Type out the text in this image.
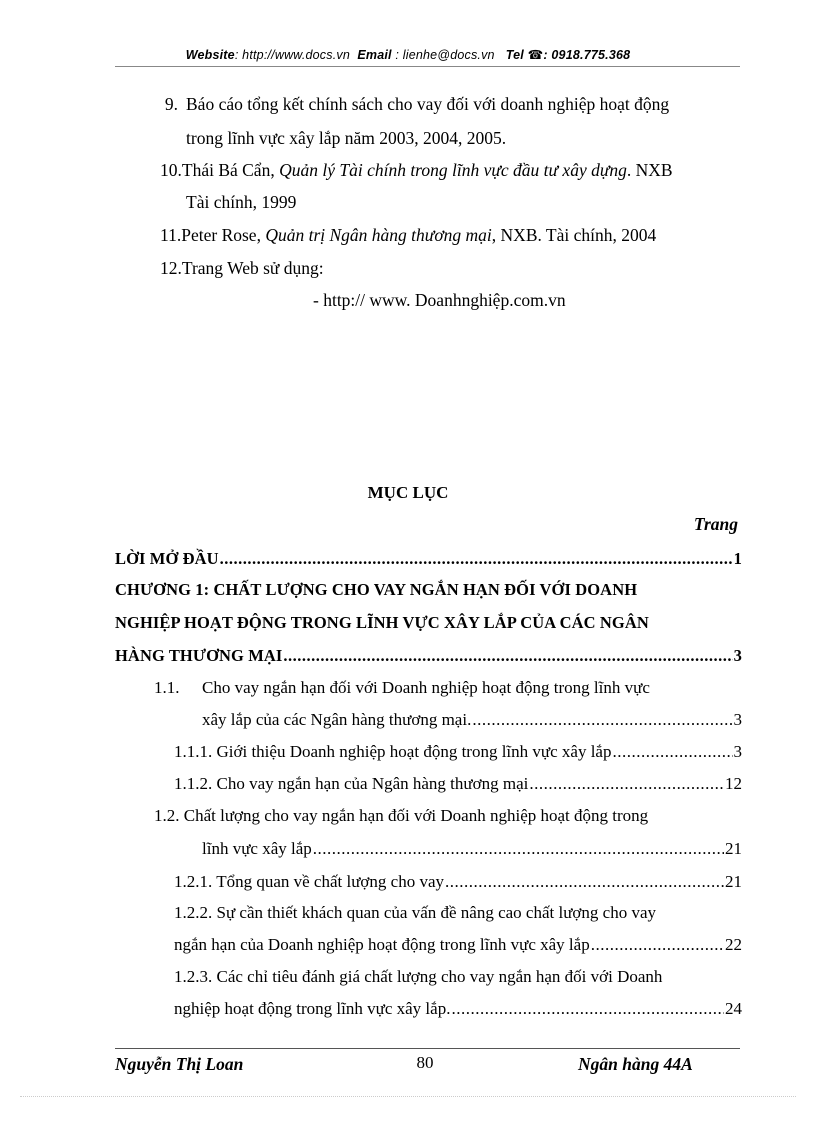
Website: http://www.docs.vn Email : lienhe@docs.vn Tel ☎: 0918.775.368
9. Báo cáo tổng kết chính sách cho vay đối với doanh nghiệp hoạt động
trong lĩnh vực xây lắp năm 2003, 2004, 2005.
10.Thái Bá Cẩn, Quản lý Tài chính trong lĩnh vực đầu tư xây dựng. NXB
Tài chính, 1999
11.Peter Rose, Quản trị Ngân hàng thương mại, NXB. Tài chính, 2004
12.Trang Web sử dụng:
- http:// www. Doanhnghiệp.com.vn
MỤC LỤC
Trang
LỜI MỞ ĐẦU .....	1
CHƯƠNG 1: CHẤT LƯỢNG CHO VAY NGẮN HẠN ĐỐI VỚI DOANH
NGHIỆP HOẠT ĐỘNG TRONG LĨNH VỰC XÂY LẮP CỦA CÁC NGÂN
HÀNG THƯƠNG MẠI .....	3
1.1. Cho vay ngắn hạn đối với Doanh nghiệp hoạt động trong lĩnh vực
xây lắp của các Ngân hàng thương mại. .....	3
1.1.1. Giới thiệu Doanh nghiệp hoạt động trong lĩnh vực xây lắp .....	3
1.1.2. Cho vay ngắn hạn của Ngân hàng thương mại .....	12
1.2. Chất lượng cho vay ngắn hạn đối với Doanh nghiệp hoạt động trong
lĩnh vực xây lắp .....	21
1.2.1. Tổng quan về chất lượng cho vay .....	21
1.2.2. Sự cần thiết khách quan của vấn đề nâng cao chất lượng cho vay
ngắn hạn của Doanh nghiệp hoạt động trong lĩnh vực xây lắp .....	22
1.2.3. Các chỉ tiêu đánh giá chất lượng cho vay ngắn hạn đối với Doanh
nghiệp hoạt động trong lĩnh vực xây lắp. .....	24
Nguyễn Thị Loan	80	Ngân hàng 44A
